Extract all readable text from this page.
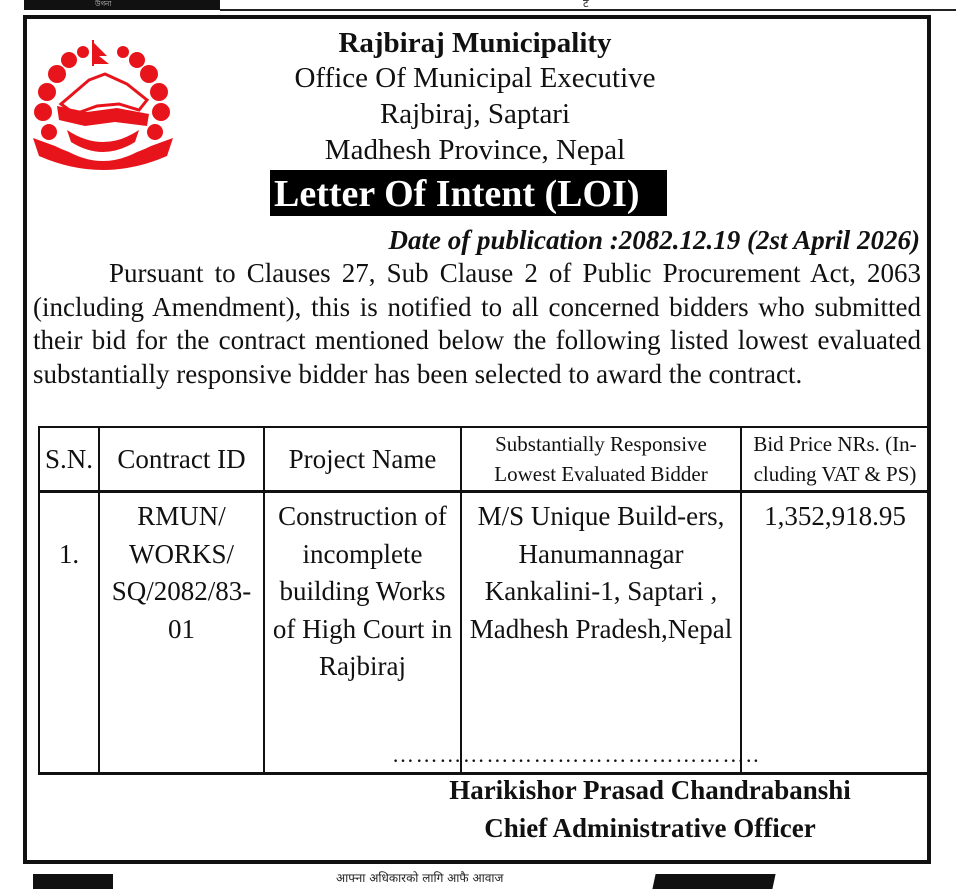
উগনা	ट
Rajbiraj Municipality
Office Of Municipal Executive
Rajbiraj, Saptari
Madhesh Province, Nepal
Letter Of Intent (LOI)
Date of publication :2082.12.19 (2st April 2026)
Pursuant to Clauses 27, Sub Clause 2 of Public Procurement Act, 2063 (including Amendment), this is notified to all concerned bidders who submitted their bid for the contract mentioned below the following listed lowest evaluated substantially responsive bidder has been selected to award the contract.
S.N.	Contract ID	Project Name	Substantially Responsive Lowest Evaluated Bidder	Bid Price NRs. (In-cluding VAT & PS)
1.	RMUN/ WORKS/ SQ/2082/83-01	Construction of incomplete building Works of High Court in Rajbiraj	M/S Unique Build-ers, Hanumannagar Kankalini-1, Saptari , Madhesh Pradesh,Nepal	1,352,918.95
………………………………………..
Harikishor Prasad Chandrabanshi
Chief Administrative Officer
आफ्ना अधिकारको लागि आफै आवाज
